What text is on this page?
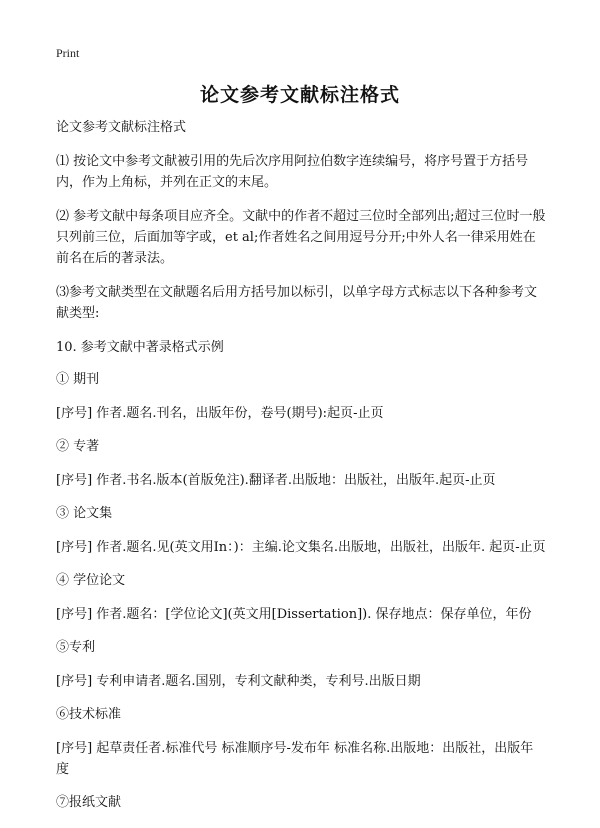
Print
论文参考文献标注格式

论文参考文献标注格式

⑴ 按论文中参考文献被引用的先后次序用阿拉伯数字连续编号，将序号置于方括号内，作为上角标，并列在正文的末尾。

⑵ 参考文献中每条项目应齐全。文献中的作者不超过三位时全部列出;超过三位时一般只列前三位，后面加等字或，et al;作者姓名之间用逗号分开;中外人名一律采用姓在前名在后的著录法。

⑶参考文献类型在文献题名后用方括号加以标引，以单字母方式标志以下各种参考文献类型:

10. 参考文献中著录格式示例

① 期刊

[序号] 作者.题名.刊名，出版年份，卷号(期号):起页-止页

② 专著

[序号] 作者.书名.版本(首版免注).翻译者.出版地：出版社，出版年.起页-止页

③ 论文集

[序号] 作者.题名.见(英文用In：)：主编.论文集名.出版地，出版社，出版年. 起页-止页

④ 学位论文

[序号] 作者.题名：[学位论文](英文用[Dissertation]). 保存地点：保存单位，年份

⑤专利

[序号] 专利申请者.题名.国别，专利文献种类，专利号.出版日期

⑥技术标准

[序号] 起草责任者.标准代号 标准顺序号-发布年 标准名称.出版地：出版社，出版年度

⑦报纸文献
